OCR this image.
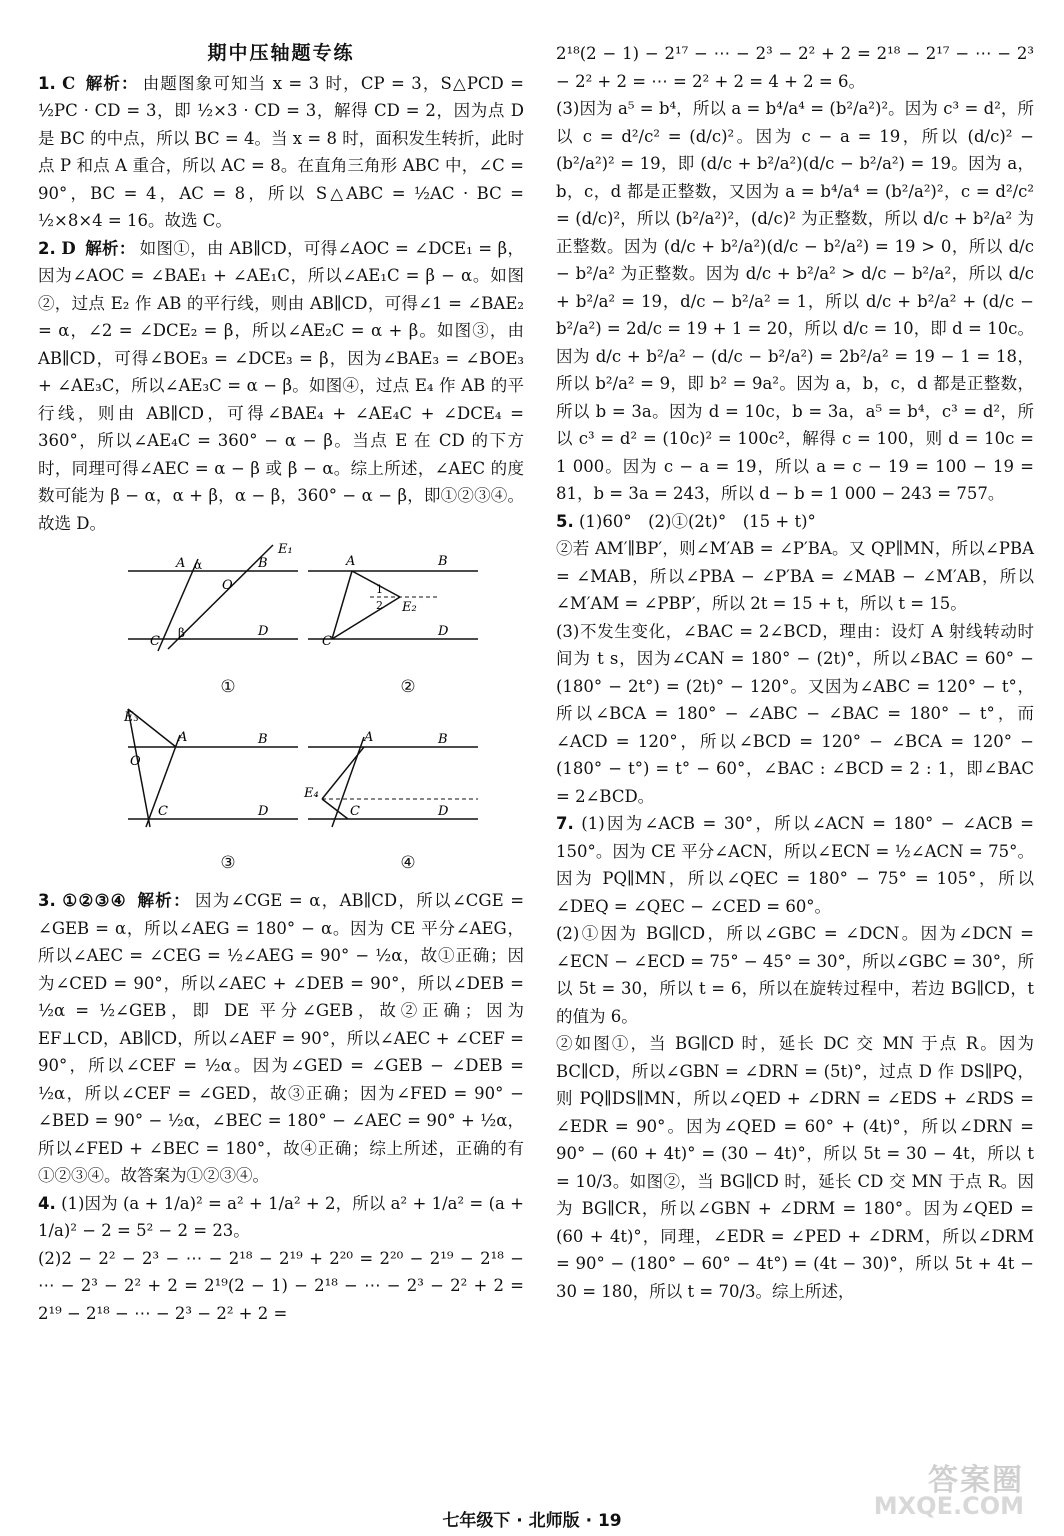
期中压轴题专练

1. C 解析： 由题图象可知当 x = 3 时，CP = 3，S△PCD = ½PC · CD = 3，即 ½×3 · CD = 3，解得 CD = 2，因为点 D 是 BC 的中点，所以 BC = 4。当 x = 8 时，面积发生转折，此时点 P 和点 A 重合，所以 AC = 8。在直角三角形 ABC 中，∠C = 90°，BC = 4，AC = 8，所以 S△ABC = ½AC · BC = ½×8×4 = 16。故选 C。

2. D 解析： 如图①，由 AB∥CD，可得∠AOC = ∠DCE₁ = β，因为∠AOC = ∠BAE₁ + ∠AE₁C，所以∠AE₁C = β − α。如图②，过点 E₂ 作 AB 的平行线，则由 AB∥CD，可得∠1 = ∠BAE₂ = α，∠2 = ∠DCE₂ = β，所以∠AE₂C = α + β。如图③，由 AB∥CD，可得∠BOE₃ = ∠DCE₃ = β，因为∠BAE₃ = ∠BOE₃ + ∠AE₃C，所以∠AE₃C = α − β。如图④，过点 E₄ 作 AB 的平行线，则由 AB∥CD，可得∠BAE₄ + ∠AE₄C + ∠DCE₄ = 360°，所以∠AE₄C = 360° − α − β。当点 E 在 CD 的下方时，同理可得∠AEC = α − β 或 β − α。综上所述，∠AEC 的度数可能为 β − α，α + β，α − β，360° − α − β，即①②③④。故选 D。

E₁
A α	B
O
C
β	D
①
A	B
E₂
1
2
C
D
②
E₃
A	B
O
C	D
③
A	B
E₄
C	D
④

3. ①②③④ 解析： 因为∠CGE = α，AB∥CD，所以∠CGE = ∠GEB = α，所以∠AEG = 180° − α。因为 CE 平分∠AEG，所以∠AEC = ∠CEG = ½∠AEG = 90° − ½α，故①正确；因为∠CED = 90°，所以∠AEC + ∠DEB = 90°，所以∠DEB = ½α = ½∠GEB，即 DE 平分∠GEB，故②正确；因为 EF⊥CD，AB∥CD，所以∠AEF = 90°，所以∠AEC + ∠CEF = 90°，所以∠CEF = ½α。因为∠GED = ∠GEB − ∠DEB = ½α，所以∠CEF = ∠GED，故③正确；因为∠FED = 90° − ∠BED = 90° − ½α，∠BEC = 180° − ∠AEC = 90° + ½α，所以∠FED + ∠BEC = 180°，故④正确；综上所述，正确的有①②③④。故答案为①②③④。

4. (1)因为 (a + 1/a)² = a² + 1/a² + 2，所以 a² + 1/a² = (a + 1/a)² − 2 = 5² − 2 = 23。

(2)2 − 2² − 2³ − ⋯ − 2¹⁸ − 2¹⁹ + 2²⁰ = 2²⁰ − 2¹⁹ − 2¹⁸ − ⋯ − 2³ − 2² + 2 = 2¹⁹(2 − 1) − 2¹⁸ − ⋯ − 2³ − 2² + 2 = 2¹⁹ − 2¹⁸ − ⋯ − 2³ − 2² + 2 =

2¹⁸(2 − 1) − 2¹⁷ − ⋯ − 2³ − 2² + 2 = 2¹⁸ − 2¹⁷ − ⋯ − 2³ − 2² + 2 = ⋯ = 2² + 2 = 4 + 2 = 6。

(3)因为 a⁵ = b⁴，所以 a = b⁴/a⁴ = (b²/a²)²。因为 c³ = d²，所以 c = d²/c² = (d/c)²。因为 c − a = 19，所以 (d/c)² − (b²/a²)² = 19，即 (d/c + b²/a²)(d/c − b²/a²) = 19。因为 a，b，c，d 都是正整数，又因为 a = b⁴/a⁴ = (b²/a²)²，c = d²/c² = (d/c)²，所以 (b²/a²)²，(d/c)² 为正整数，所以 d/c + b²/a² 为正整数。因为 (d/c + b²/a²)(d/c − b²/a²) = 19 > 0，所以 d/c − b²/a² 为正整数。因为 d/c + b²/a² > d/c − b²/a²，所以 d/c + b²/a² = 19，d/c − b²/a² = 1，所以 d/c + b²/a² + (d/c − b²/a²) = 2d/c = 19 + 1 = 20，所以 d/c = 10，即 d = 10c。因为 d/c + b²/a² − (d/c − b²/a²) = 2b²/a² = 19 − 1 = 18，所以 b²/a² = 9，即 b² = 9a²。因为 a，b，c，d 都是正整数，所以 b = 3a。因为 d = 10c，b = 3a，a⁵ = b⁴，c³ = d²，所以 c³ = d² = (10c)² = 100c²，解得 c = 100，则 d = 10c = 1 000。因为 c − a = 19，所以 a = c − 19 = 100 − 19 = 81，b = 3a = 243，所以 d − b = 1 000 − 243 = 757。

5. (1)60°　(2)①(2t)°　(15 + t)°

②若 AM′∥BP′，则∠M′AB = ∠P′BA。又 QP∥MN，所以∠PBA = ∠MAB，所以∠PBA − ∠P′BA = ∠MAB − ∠M′AB，所以∠M′AM = ∠PBP′，所以 2t = 15 + t，所以 t = 15。

(3)不发生变化，∠BAC = 2∠BCD，理由：设灯 A 射线转动时间为 t s，因为∠CAN = 180° − (2t)°，所以∠BAC = 60° − (180° − 2t°) = (2t)° − 120°。又因为∠ABC = 120° − t°，所以∠BCA = 180° − ∠ABC − ∠BAC = 180° − t°，而∠ACD = 120°，所以∠BCD = 120° − ∠BCA = 120° − (180° − t°) = t° − 60°，∠BAC : ∠BCD = 2 : 1，即∠BAC = 2∠BCD。

7. (1)因为∠ACB = 30°，所以∠ACN = 180° − ∠ACB = 150°。因为 CE 平分∠ACN，所以∠ECN = ½∠ACN = 75°。因为 PQ∥MN，所以∠QEC = 180° − 75° = 105°，所以∠DEQ = ∠QEC − ∠CED = 60°。

(2)①因为 BG∥CD，所以∠GBC = ∠DCN。因为∠DCN = ∠ECN − ∠ECD = 75° − 45° = 30°，所以∠GBC = 30°，所以 5t = 30，所以 t = 6，所以在旋转过程中，若边 BG∥CD，t 的值为 6。

②如图①，当 BG∥CD 时，延长 DC 交 MN 于点 R。因为 BC∥CD，所以∠GBN = ∠DRN = (5t)°，过点 D 作 DS∥PQ，则 PQ∥DS∥MN，所以∠QED + ∠DRN = ∠EDS + ∠RDS = ∠EDR = 90°。因为∠QED = 60° + (4t)°，所以∠DRN = 90° − (60 + 4t)° = (30 − 4t)°，所以 5t = 30 − 4t，所以 t = 10/3。如图②，当 BG∥CD 时，延长 CD 交 MN 于点 R。因为 BG∥CR，所以∠GBN + ∠DRM = 180°。因为∠QED = (60 + 4t)°，同理，∠EDR = ∠PED + ∠DRM，所以∠DRM = 90° − (180° − 60° − 4t°) = (4t − 30)°，所以 5t + 4t − 30 = 180，所以 t = 70/3。综上所述，

答案圈
MXQE.COM
七年级下 · 北师版 · 19
